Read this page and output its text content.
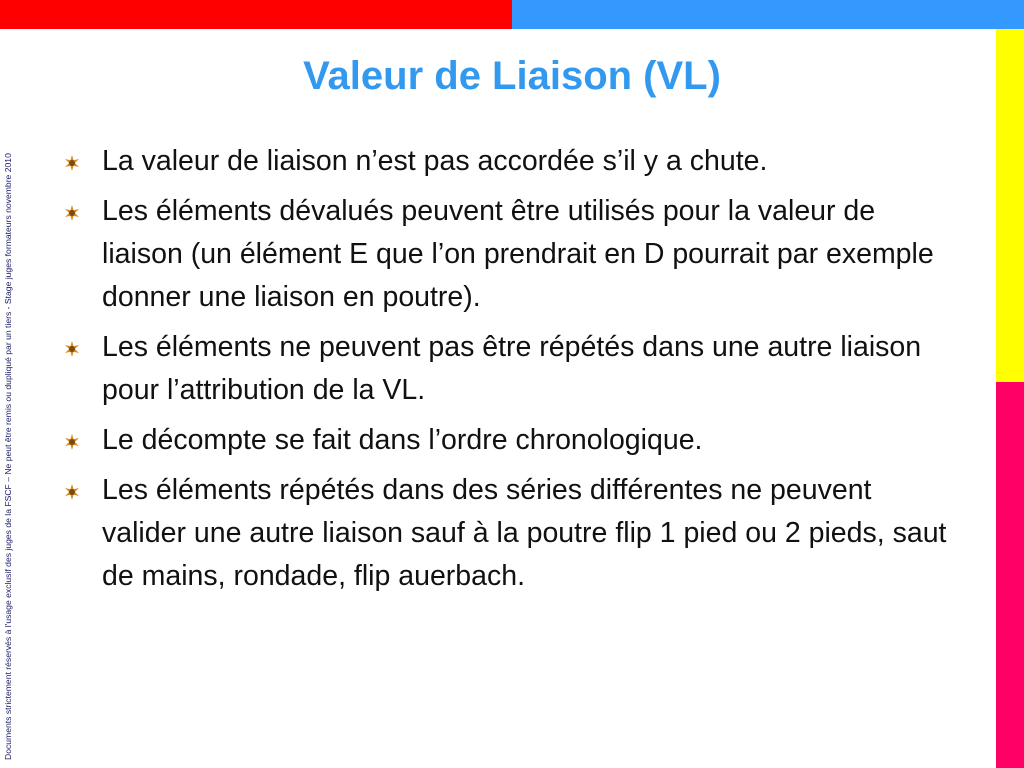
Documents strictement réservés à l'usage exclusif des juges de la FSCF – Ne peut être remis ou dupliqué par un tiers - Stage juges formateurs novembre 2010
Valeur de Liaison (VL)
La valeur de liaison n’est pas accordée s’il y a chute.
Les éléments dévalués peuvent être utilisés pour la valeur de liaison (un élément E que l’on prendrait en D pourrait par exemple donner une liaison en poutre).
Les éléments ne peuvent pas être répétés dans une autre liaison pour l’attribution de la VL.
Le décompte se fait dans l’ordre chronologique.
Les éléments répétés dans des séries différentes ne peuvent valider une autre liaison sauf à la poutre flip 1 pied ou 2 pieds, saut de mains, rondade, flip auerbach.
